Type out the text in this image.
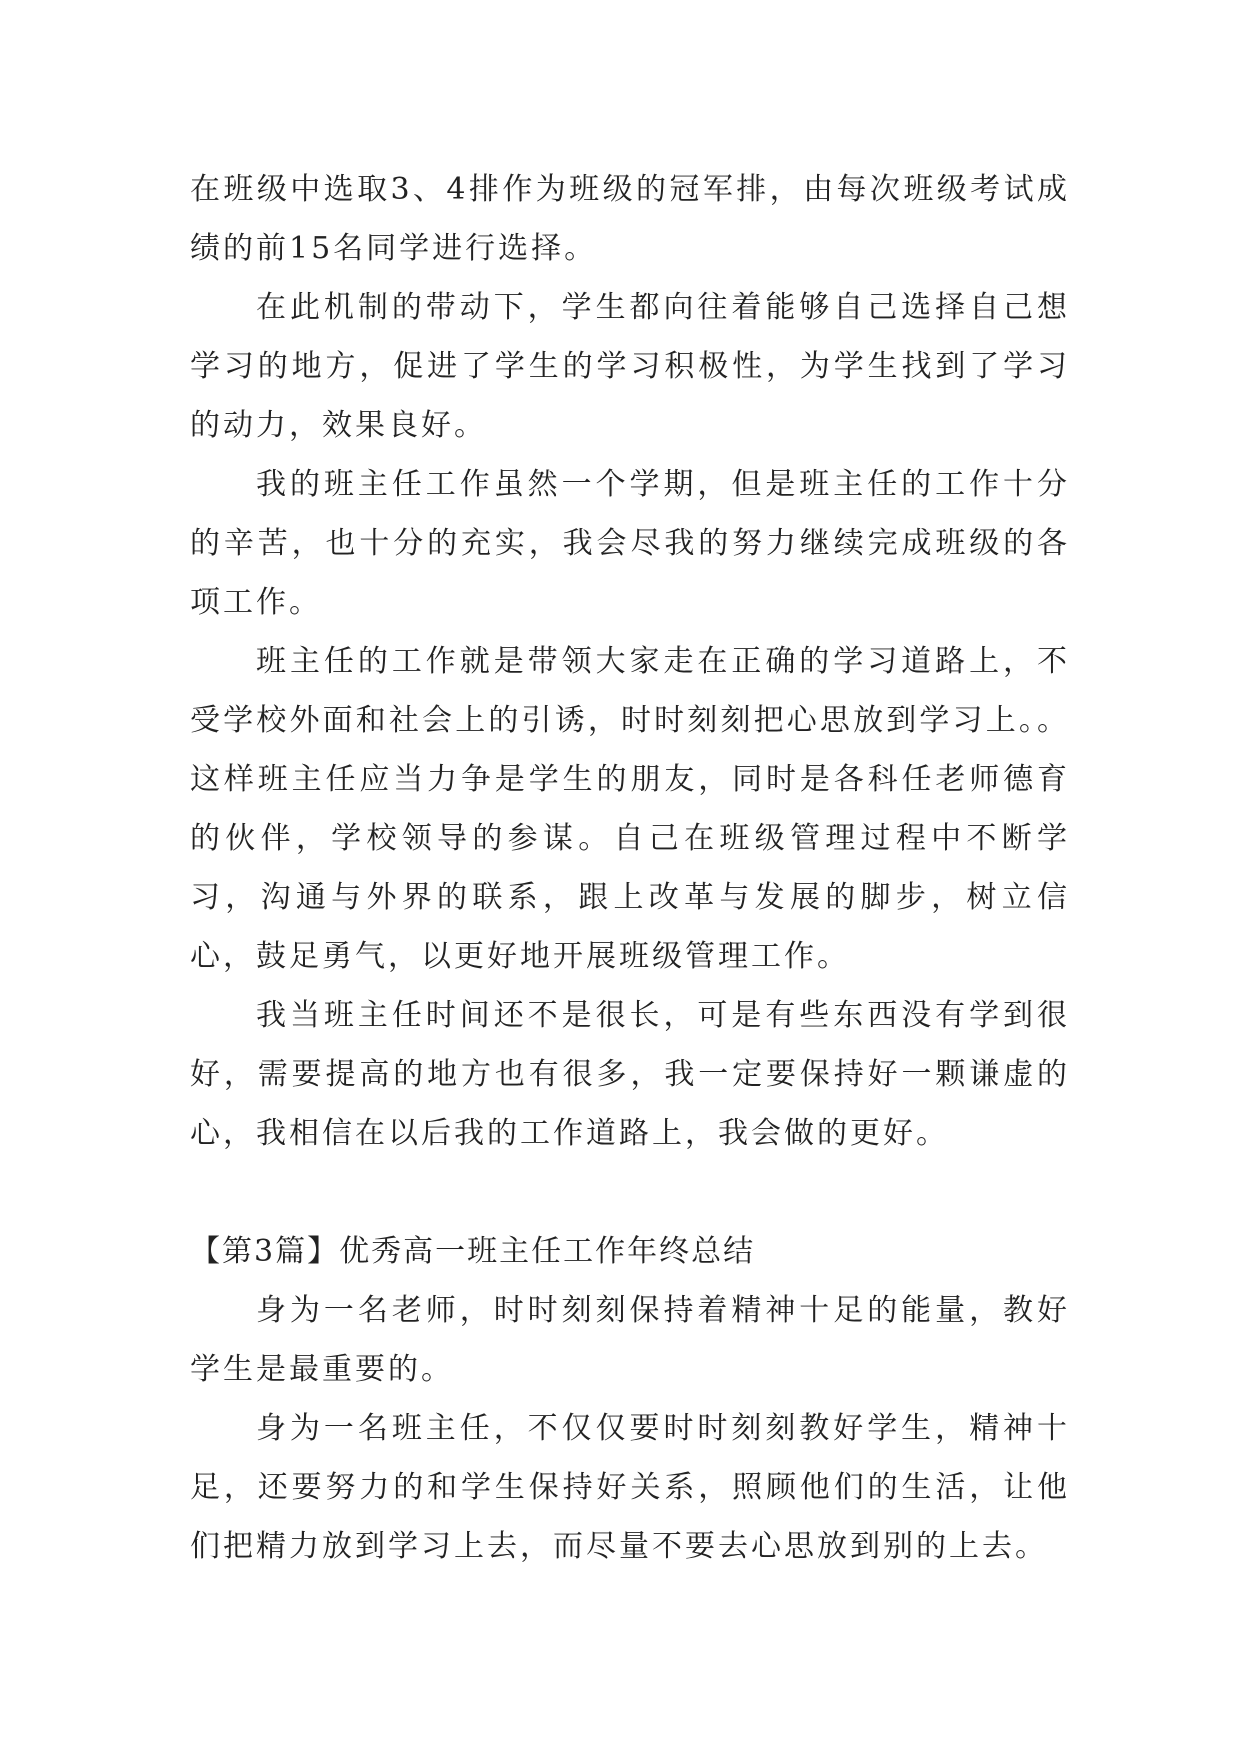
在班级中选取3、4排作为班级的冠军排，由每次班级考试成绩的前15名同学进行选择。

在此机制的带动下，学生都向往着能够自己选择自己想学习的地方，促进了学生的学习积极性，为学生找到了学习的动力，效果良好。

我的班主任工作虽然一个学期，但是班主任的工作十分的辛苦，也十分的充实，我会尽我的努力继续完成班级的各项工作。

班主任的工作就是带领大家走在正确的学习道路上，不受学校外面和社会上的引诱，时时刻刻把心思放到学习上。。这样班主任应当力争是学生的朋友，同时是各科任老师德育的伙伴，学校领导的参谋。自己在班级管理过程中不断学习，沟通与外界的联系，跟上改革与发展的脚步，树立信心，鼓足勇气，以更好地开展班级管理工作。

我当班主任时间还不是很长，可是有些东西没有学到很好，需要提高的地方也有很多，我一定要保持好一颗谦虚的心，我相信在以后我的工作道路上，我会做的更好。

【第3篇】优秀高一班主任工作年终总结

身为一名老师，时时刻刻保持着精神十足的能量，教好学生是最重要的。

身为一名班主任，不仅仅要时时刻刻教好学生，精神十足，还要努力的和学生保持好关系，照顾他们的生活，让他们把精力放到学习上去，而尽量不要去心思放到别的上去。
